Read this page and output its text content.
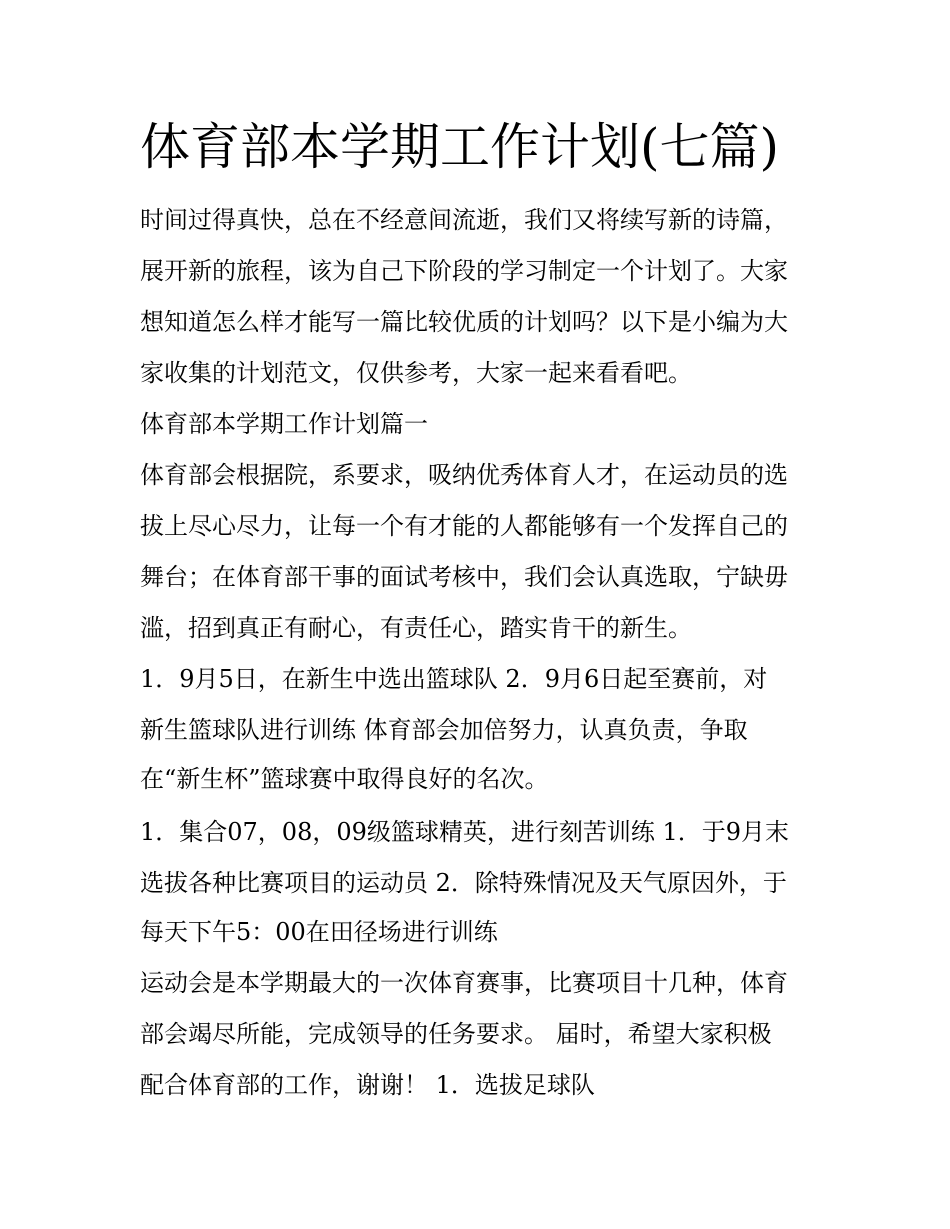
体育部本学期工作计划(七篇)

时间过得真快，总在不经意间流逝，我们又将续写新的诗篇，

展开新的旅程，该为自己下阶段的学习制定一个计划了。大家

想知道怎么样才能写一篇比较优质的计划吗？以下是小编为大

家收集的计划范文，仅供参考，大家一起来看看吧。

体育部本学期工作计划篇一

体育部会根据院，系要求，吸纳优秀体育人才，在运动员的选

拔上尽心尽力，让每一个有才能的人都能够有一个发挥自己的

舞台；在体育部干事的面试考核中，我们会认真选取，宁缺毋

滥，招到真正有耐心，有责任心，踏实肯干的新生。

1．9月5日，在新生中选出篮球队 2．9月6日起至赛前，对

新生篮球队进行训练 体育部会加倍努力，认真负责，争取

在“新生杯”篮球赛中取得良好的名次。

1．集合07，08，09级篮球精英，进行刻苦训练 1．于9月末

选拔各种比赛项目的运动员 2．除特殊情况及天气原因外，于

每天下午5：00在田径场进行训练

运动会是本学期最大的一次体育赛事，比赛项目十几种，体育

部会竭尽所能，完成领导的任务要求。 届时，希望大家积极

配合体育部的工作，谢谢！ 1．选拔足球队
